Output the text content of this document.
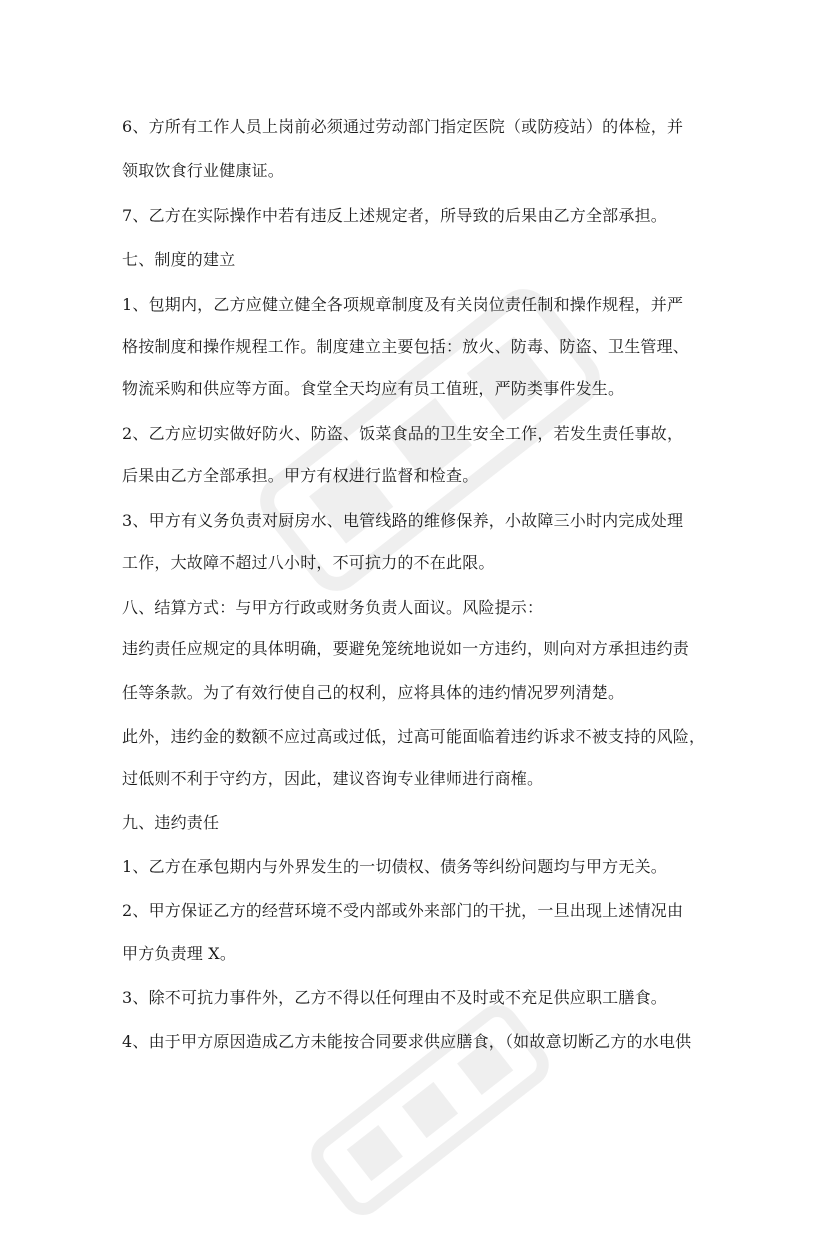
6、方所有工作人员上岗前必须通过劳动部门指定医院（或防疫站）的体检，并
领取饮食行业健康证。
7、乙方在实际操作中若有违反上述规定者，所导致的后果由乙方全部承担。
七、制度的建立
1、包期内，乙方应健立健全各项规章制度及有关岗位责任制和操作规程，并严
格按制度和操作规程工作。制度建立主要包括：放火、防毒、防盗、卫生管理、
物流采购和供应等方面。食堂全天均应有员工值班，严防类事件发生。
2、乙方应切实做好防火、防盗、饭菜食品的卫生安全工作，若发生责任事故，
后果由乙方全部承担。甲方有权进行监督和检查。
3、甲方有义务负责对厨房水、电管线路的维修保养，小故障三小时内完成处理
工作，大故障不超过八小时，不可抗力的不在此限。
八、结算方式：与甲方行政或财务负责人面议。风险提示：
违约责任应规定的具体明确，要避免笼统地说如一方违约，则向对方承担违约责
任等条款。为了有效行使自己的权利，应将具体的违约情况罗列清楚。
此外，违约金的数额不应过高或过低，过高可能面临着违约诉求不被支持的风险，
过低则不利于守约方，因此，建议咨询专业律师进行商榷。
九、违约责任
1、乙方在承包期内与外界发生的一切债权、债务等纠纷问题均与甲方无关。
2、甲方保证乙方的经营环境不受内部或外来部门的干扰，一旦出现上述情况由
甲方负责理 X。
3、除不可抗力事件外，乙方不得以任何理由不及时或不充足供应职工膳食。
4、由于甲方原因造成乙方未能按合同要求供应膳食，（如故意切断乙方的水电供
